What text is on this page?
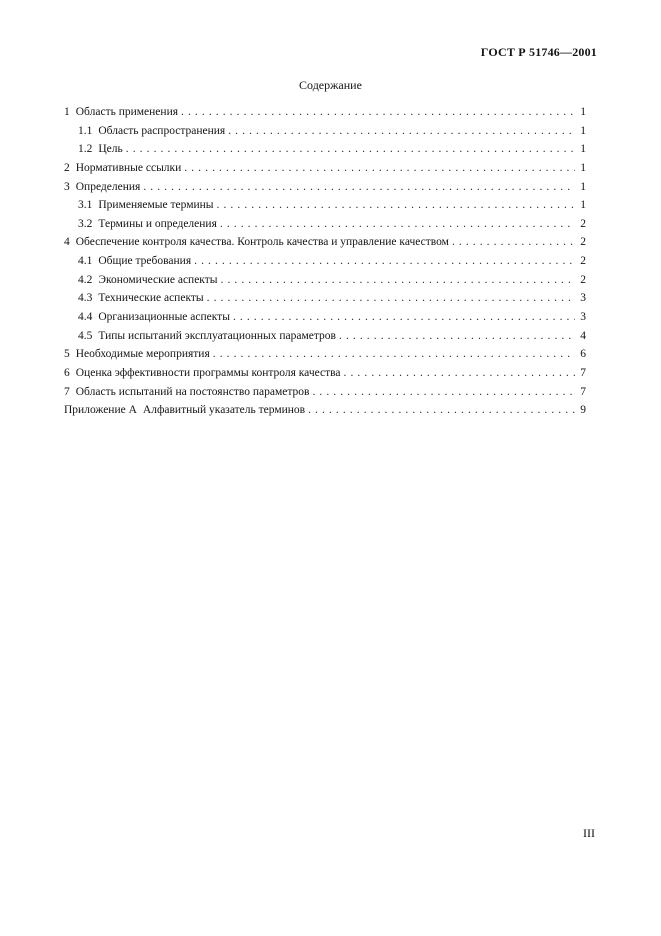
ГОСТ Р 51746—2001
Содержание
1 Область применения . . .	1
1.1 Область распространения . . .	1
1.2 Цель . . .	1
2 Нормативные ссылки . . .	1
3 Определения . . .	1
3.1 Применяемые термины . . .	1
3.2 Термины и определения . . .	2
4 Обеспечение контроля качества. Контроль качества и управление качеством . . .	2
4.1 Общие требования . . .	2
4.2 Экономические аспекты . . .	2
4.3 Технические аспекты . . .	3
4.4 Организационные аспекты . . .	3
4.5 Типы испытаний эксплуатационных параметров . . .	4
5 Необходимые мероприятия . . .	6
6 Оценка эффективности программы контроля качества . . .	7
7 Область испытаний на постоянство параметров . . .	7
Приложение А Алфавитный указатель терминов . . .	9
III
